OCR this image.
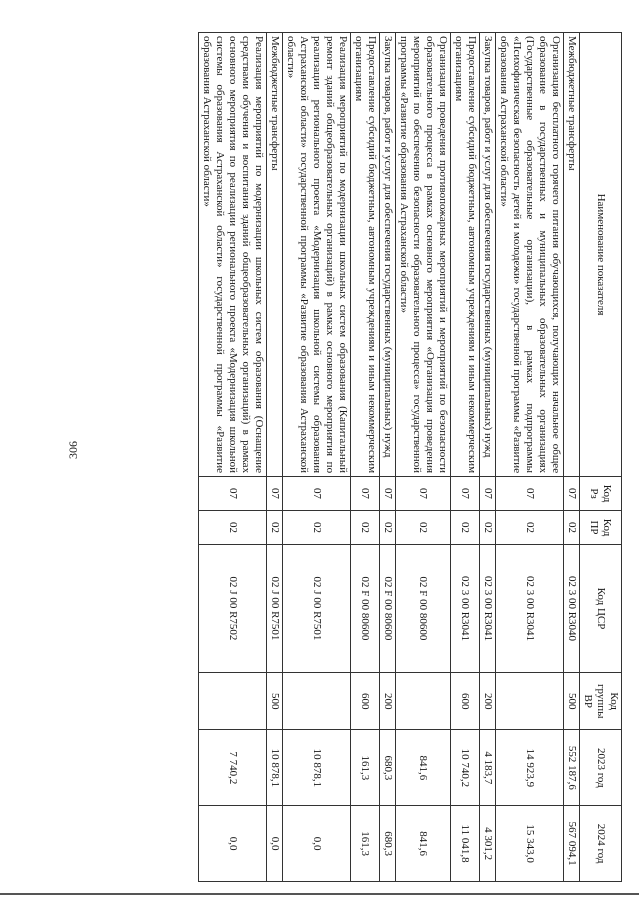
306
Наименование показателя	Код Рз	Код ПР	Код ЦСР	Код группы ВР	2023 год	2024 год
Межбюджетные трансферты	07	02	02 3 00 R3040	500	552 187,6	567 094,1
Организация бесплатного горячего питания обучающихся, получающих начальное общее образование в государственных и муниципальных образовательных организациях (Государственные образовательные организации), в рамках подпрограммы «Психофизическая безопасность детей и молодежи» государственной программы «Развитие образования Астраханской области»	07	02	02 3 00 R3041		14 923,9	15 343,0
Закупка товаров, работ и услуг для обеспечения государственных (муниципальных) нужд	07	02	02 3 00 R3041	200	4 183,7	4 301,2
Предоставление субсидий бюджетным, автономным учреждениям и иным некоммерческим организациям	07	02	02 3 00 R3041	600	10 740,2	11 041,8
Организация проведения противопожарных мероприятий и мероприятий по безопасности образовательного процесса в рамках основного мероприятия «Организация проведения мероприятий по обеспечению безопасности образовательного процесса» государственной программы «Развитие образования Астраханской области»	07	02	02 F 00 80600		841,6	841,6
Закупка товаров, работ и услуг для обеспечения государственных (муниципальных) нужд	07	02	02 F 00 80600	200	680,3	680,3
Предоставление субсидий бюджетным, автономным учреждениям и иным некоммерческим организациям	07	02	02 F 00 80600	600	161,3	161,3
Реализация мероприятий по модернизации школьных систем образования (Капитальный ремонт зданий общеобразовательных организаций) в рамках основного мероприятия по реализации регионального проекта «Модернизация школьной системы образования Астраханской области» государственной программы «Развитие образования Астраханской области»	07	02	02 J 00 R7501		10 878,1	0,0
Межбюджетные трансферты	07	02	02 J 00 R7501	500	10 878,1	0,0
Реализация мероприятий по модернизации школьных систем образования (Оснащение средствами обучения и воспитания зданий общеобразовательных организаций) в рамках основного мероприятия по реализации регионального проекта «Модернизация школьной системы образования Астраханской области» государственной программы «Развитие образования Астраханской области»	07	02	02 J 00 R7502		7 740,2	0,0
